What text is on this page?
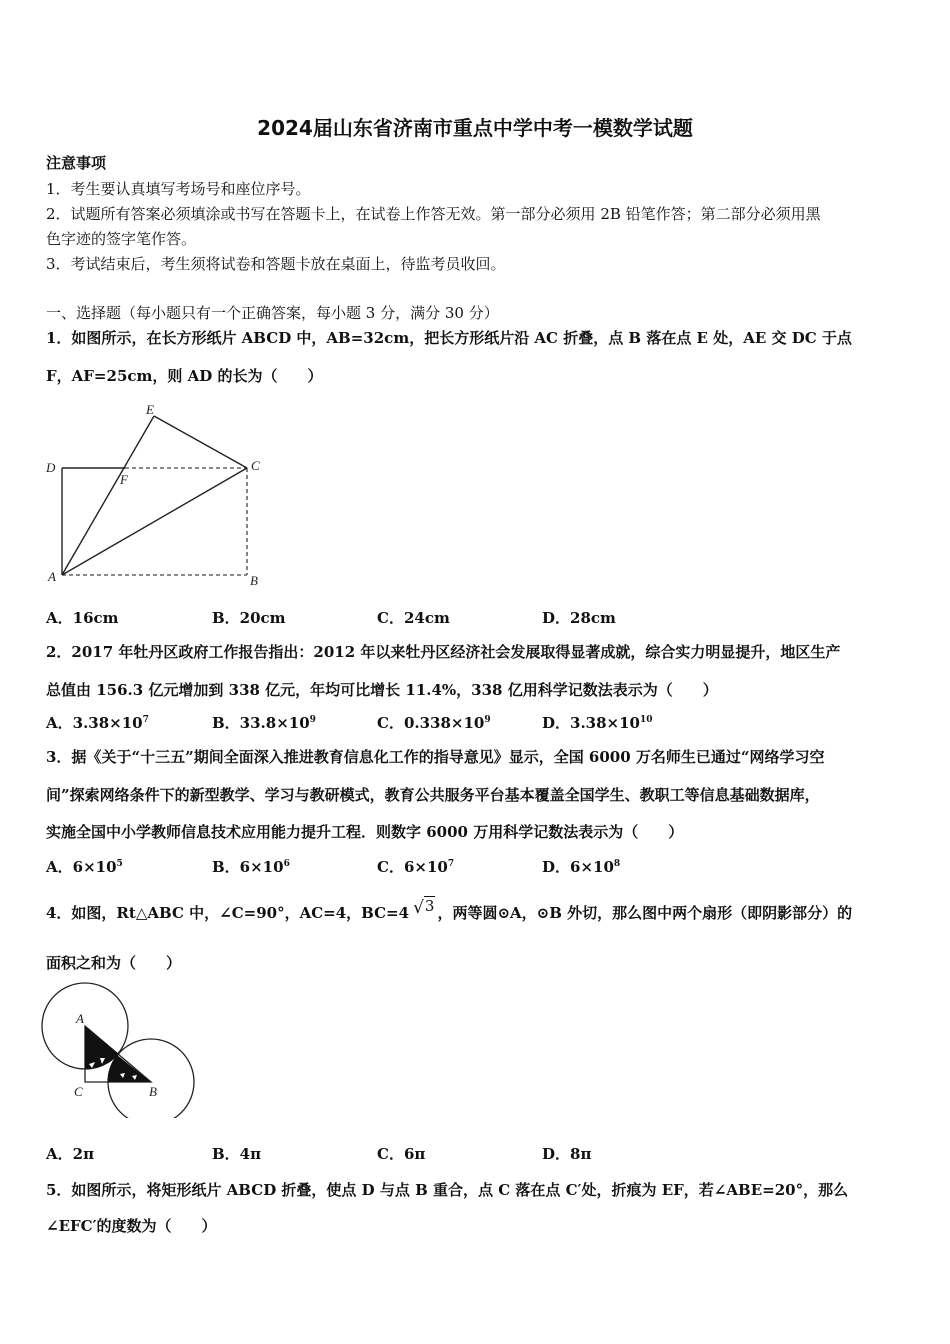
2024届山东省济南市重点中学中考一模数学试题
注意事项
1．考生要认真填写考场号和座位序号。
2．试题所有答案必须填涂或书写在答题卡上，在试卷上作答无效。第一部分必须用 2B 铅笔作答；第二部分必须用黑
色字迹的签字笔作答。
3．考试结束后，考生须将试卷和答题卡放在桌面上，待监考员收回。
一、选择题（每小题只有一个正确答案，每小题 3 分，满分 30 分）
1．如图所示，在长方形纸片 ABCD 中，AB=32cm，把长方形纸片沿 AC 折叠，点 B 落在点 E 处，AE 交 DC 于点
F，AF=25cm，则 AD 的长为（　　）
E
D
F
C
A	B
A．16cm	B．20cm	C．24cm	D．28cm
2．2017 年牡丹区政府工作报告指出：2012 年以来牡丹区经济社会发展取得显著成就，综合实力明显提升，地区生产
总值由 156.3 亿元增加到 338 亿元，年均可比增长 11.4%，338 亿用科学记数法表示为（　　）
A．$3.38\times 10^7$	B．$33.8\times 10^9$	C．$0.338\times 10^9$	D．$3.38\times 10^{10}$
3．据《关于“十三五”期间全面深入推进教育信息化工作的指导意见》显示，全国 6000 万名师生已通过“网络学习空
间”探索网络条件下的新型教学、学习与教研模式，教育公共服务平台基本覆盖全国学生、教职工等信息基础数据库，
实施全国中小学教师信息技术应用能力提升工程．则数字 6000 万用科学记数法表示为（　　）
A．$6\times 10^5$	B．$6\times 10^6$	C．$6\times 10^7$	D．$6\times 10^8$
4．如图，Rt△ABC 中，∠C=90°，AC=4，BC=4 √3 ，两等圆⊙A，⊙B 外切，那么图中两个扇形（即阴影部分）的
面积之和为（　　）
A
C	B
A．2π	B．4π	C．6π	D．8π
5．如图所示，将矩形纸片 ABCD 折叠，使点 D 与点 B 重合，点 C 落在点 C′处，折痕为 EF，若∠ABE=20°，那么
∠EFC′的度数为（　　）
